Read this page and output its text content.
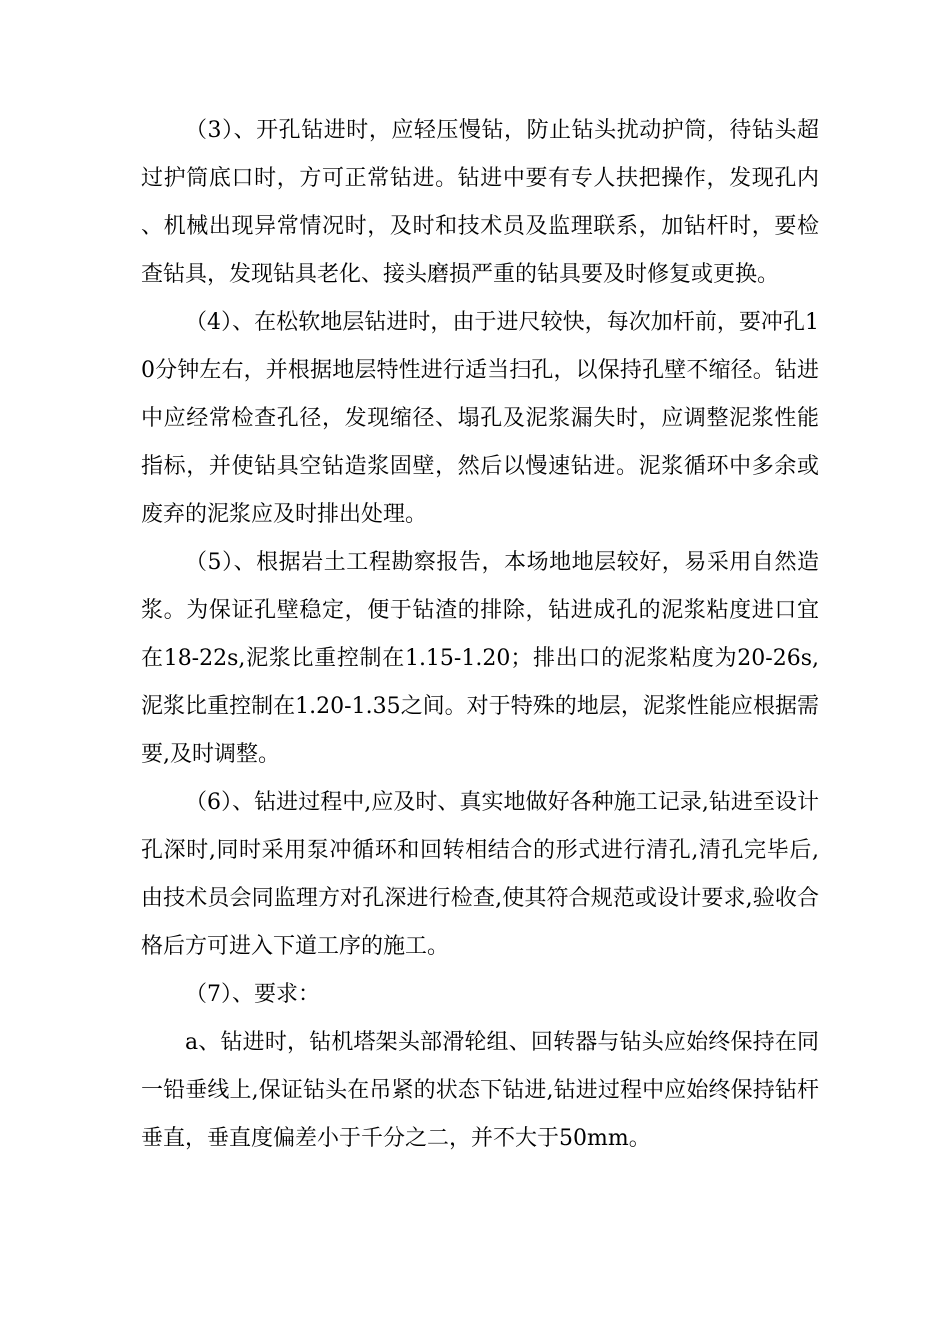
（3）、开孔钻进时，应轻压慢钻，防止钻头扰动护筒，待钻头超过护筒底口时，方可正常钻进。钻进中要有专人扶把操作，发现孔内、机械出现异常情况时，及时和技术员及监理联系，加钻杆时，要检查钻具，发现钻具老化、接头磨损严重的钻具要及时修复或更换。

（4）、在松软地层钻进时，由于进尺较快，每次加杆前，要冲孔10分钟左右，并根据地层特性进行适当扫孔，以保持孔壁不缩径。钻进中应经常检查孔径，发现缩径、塌孔及泥浆漏失时，应调整泥浆性能指标，并使钻具空钻造浆固壁，然后以慢速钻进。泥浆循环中多余或废弃的泥浆应及时排出处理。

（5）、根据岩土工程勘察报告，本场地地层较好，易采用自然造浆。为保证孔壁稳定，便于钻渣的排除，钻进成孔的泥浆粘度进口宜在18-22s,泥浆比重控制在1.15-1.20；排出口的泥浆粘度为20-26s,泥浆比重控制在1.20-1.35之间。对于特殊的地层，泥浆性能应根据需要,及时调整。

（6）、钻进过程中,应及时、真实地做好各种施工记录,钻进至设计孔深时,同时采用泵冲循环和回转相结合的形式进行清孔,清孔完毕后,由技术员会同监理方对孔深进行检查,使其符合规范或设计要求,验收合格后方可进入下道工序的施工。

（7）、要求：

a、钻进时，钻机塔架头部滑轮组、回转器与钻头应始终保持在同一铅垂线上,保证钻头在吊紧的状态下钻进,钻进过程中应始终保持钻杆垂直，垂直度偏差小于千分之二，并不大于50mm。
